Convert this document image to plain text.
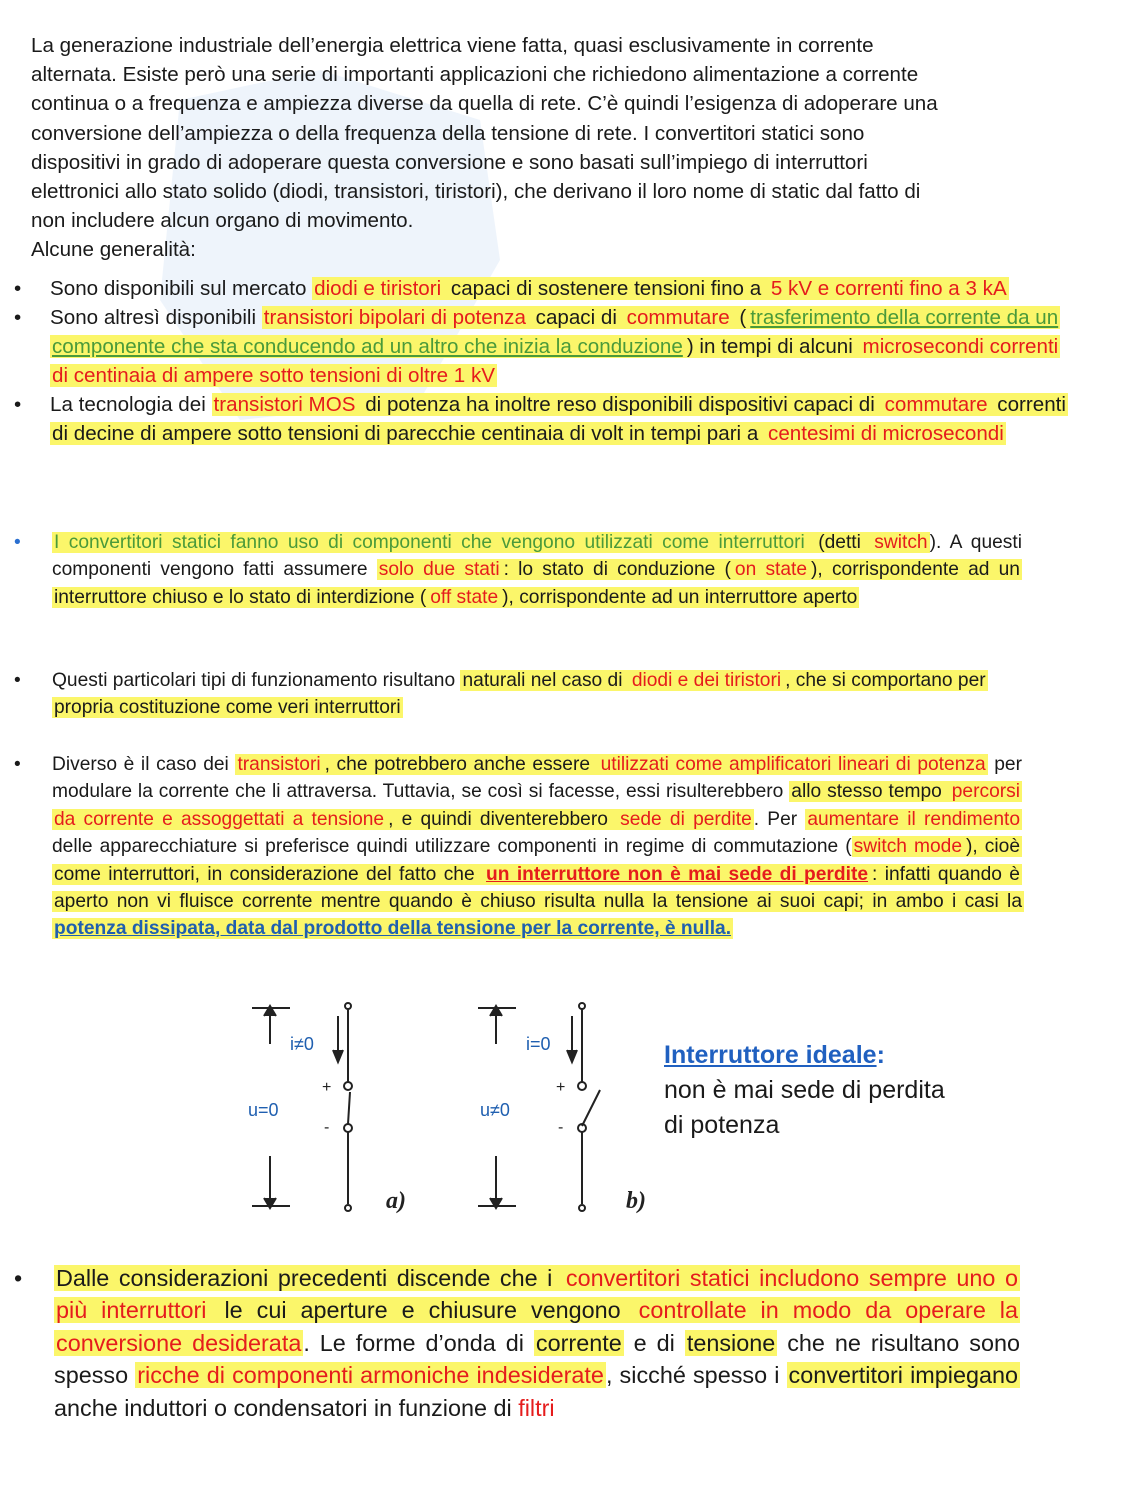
La generazione industriale dell’energia elettrica viene fatta, quasi esclusivamente in corrente

alternata. Esiste però una serie di importanti applicazioni che richiedono alimentazione a corrente

continua o a frequenza e ampiezza diverse da quella di rete. C’è quindi l’esigenza di adoperare una

conversione dell’ampiezza o della frequenza della tensione di rete. I convertitori statici sono

dispositivi in grado di adoperare questa conversione e sono basati sull’impiego di interruttori

elettronici allo stato solido (diodi, transistori, tiristori), che derivano il loro nome di static dal fatto di

non includere alcun organo di movimento.

Alcune generalità:

• Sono disponibili sul mercato diodi e tiristori capaci di sostenere tensioni fino a 5 kV e correnti fino a 3 kA
• Sono altresì disponibili transistori bipolari di potenza capaci di commutare ( trasferimento della corrente da un componente che sta conducendo ad un altro che inizia la conduzione ) in tempi di alcuni microsecondi correnti di centinaia di ampere sotto tensioni di oltre 1 kV
• La tecnologia dei transistori MOS di potenza ha inoltre reso disponibili dispositivi capaci di commutare correnti di decine di ampere sotto tensioni di parecchie centinaia di volt in tempi pari a centesimi di microsecondi
• I convertitori statici fanno uso di componenti che vengono utilizzati come interruttori (detti switch ). A questi componenti vengono fatti assumere solo due stati : lo stato di conduzione ( on state ), corrispondente ad un interruttore chiuso e lo stato di interdizione ( off state ), corrispondente ad un interruttore aperto
• Questi particolari tipi di funzionamento risultano naturali nel caso di diodi e dei tiristori , che si comportano per propria costituzione come veri interruttori
• Diverso è il caso dei transistori , che potrebbero anche essere utilizzati come amplificatori lineari di potenza per modulare la corrente che li attraversa. Tuttavia, se così si facesse, essi risulterebbero allo stesso tempo percorsi da corrente e assoggettati a tensione , e quindi diventerebbero sede di perdite . Per aumentare il rendimento delle apparecchiature si preferisce quindi utilizzare componenti in regime di commutazione ( switch mode ), cioè come interruttori, in considerazione del fatto che un interruttore non è mai sede di perdite : infatti quando è aperto non vi fluisce corrente mentre quando è chiuso risulta nulla la tensione ai suoi capi; in ambo i casi la potenza dissipata, data dal prodotto della tensione per la corrente, è nulla.
i≠0
u=0
+
-
a)
i=0
u≠0
+
-
b)
Interruttore ideale:
non è mai sede di perdita
di potenza
• Dalle considerazioni precedenti discende che i convertitori statici includono sempre uno o più interruttori le cui aperture e chiusure vengono controllate in modo da operare la conversione desiderata. Le forme d’onda di corrente e di tensione che ne risultano sono spesso ricche di componenti armoniche indesiderate, sicché spesso i convertitori impiegano anche induttori o condensatori in funzione di filtri
